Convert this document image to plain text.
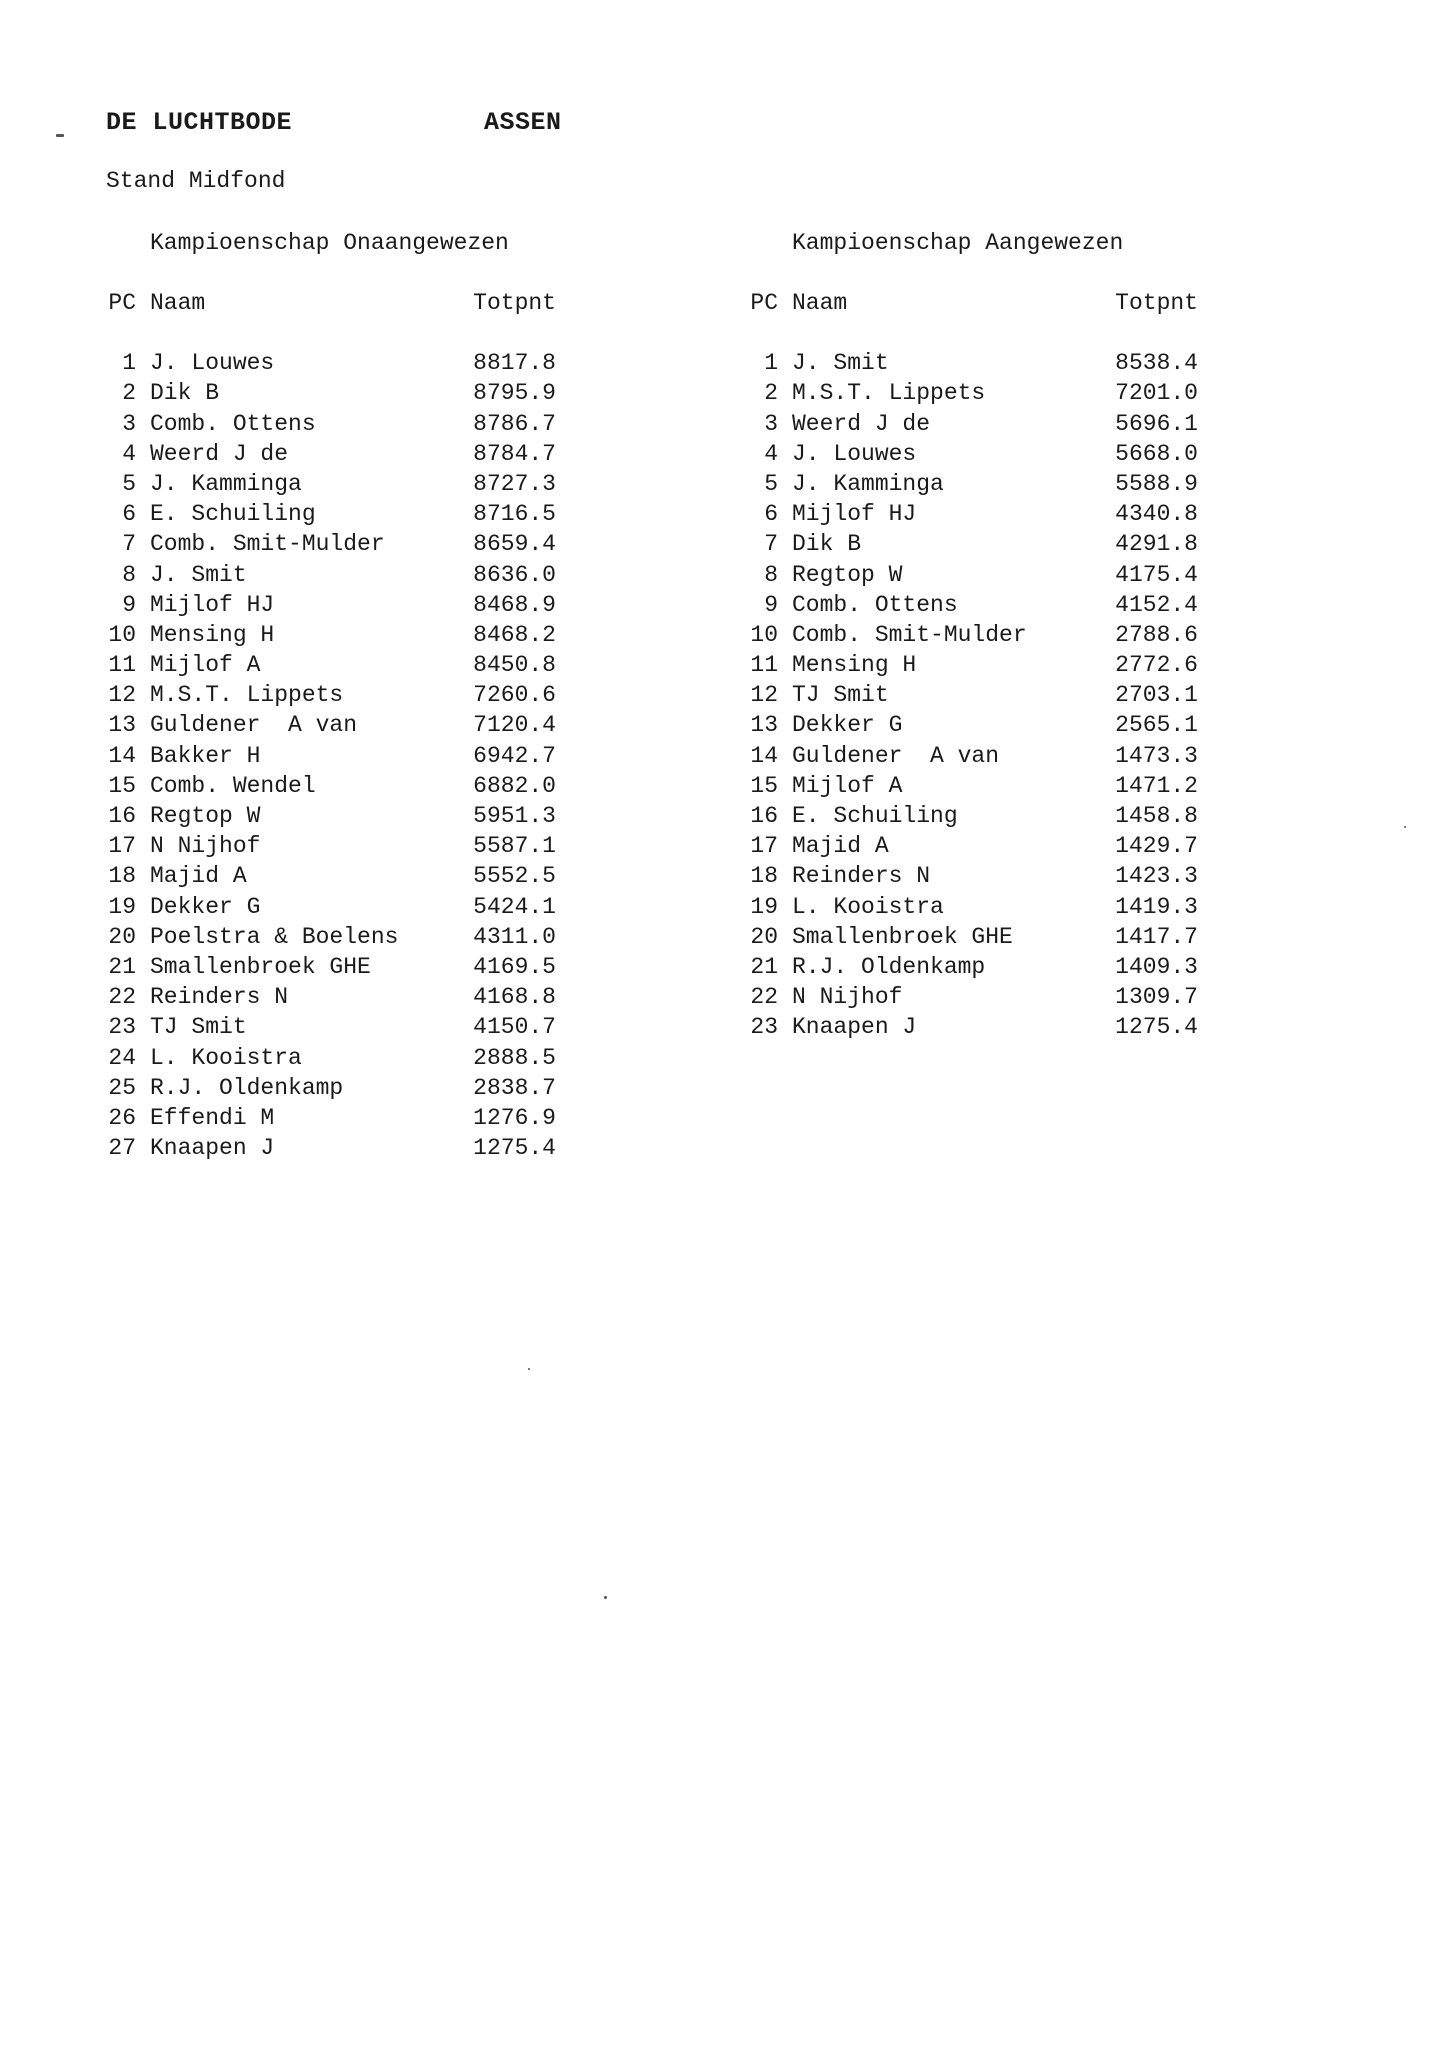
DE LUCHTBODE	ASSEN
Stand Midfond
Kampioenschap Onaangewezen
PC Naam	Totpnt
1 J. Louwes	8817.8
2 Dik B	8795.9
3 Comb. Ottens	8786.7
4 Weerd J de	8784.7
5 J. Kamminga	8727.3
6 E. Schuiling	8716.5
7 Comb. Smit-Mulder	8659.4
8 J. Smit	8636.0
9 Mijlof HJ	8468.9
10 Mensing H	8468.2
11 Mijlof A	8450.8
12 M.S.T. Lippets	7260.6
13 Guldener  A van	7120.4
14 Bakker H	6942.7
15 Comb. Wendel	6882.0
16 Regtop W	5951.3
17 N Nijhof	5587.1
18 Majid A	5552.5
19 Dekker G	5424.1
20 Poelstra & Boelens	4311.0
21 Smallenbroek GHE	4169.5
22 Reinders N	4168.8
23 TJ Smit	4150.7
24 L. Kooistra	2888.5
25 R.J. Oldenkamp	2838.7
26 Effendi M	1276.9
27 Knaapen J	1275.4
Kampioenschap Aangewezen
PC Naam	Totpnt
1 J. Smit	8538.4
2 M.S.T. Lippets	7201.0
3 Weerd J de	5696.1
4 J. Louwes	5668.0
5 J. Kamminga	5588.9
6 Mijlof HJ	4340.8
7 Dik B	4291.8
8 Regtop W	4175.4
9 Comb. Ottens	4152.4
10 Comb. Smit-Mulder	2788.6
11 Mensing H	2772.6
12 TJ Smit	2703.1
13 Dekker G	2565.1
14 Guldener  A van	1473.3
15 Mijlof A	1471.2
16 E. Schuiling	1458.8
17 Majid A	1429.7
18 Reinders N	1423.3
19 L. Kooistra	1419.3
20 Smallenbroek GHE	1417.7
21 R.J. Oldenkamp	1409.3
22 N Nijhof	1309.7
23 Knaapen J	1275.4
